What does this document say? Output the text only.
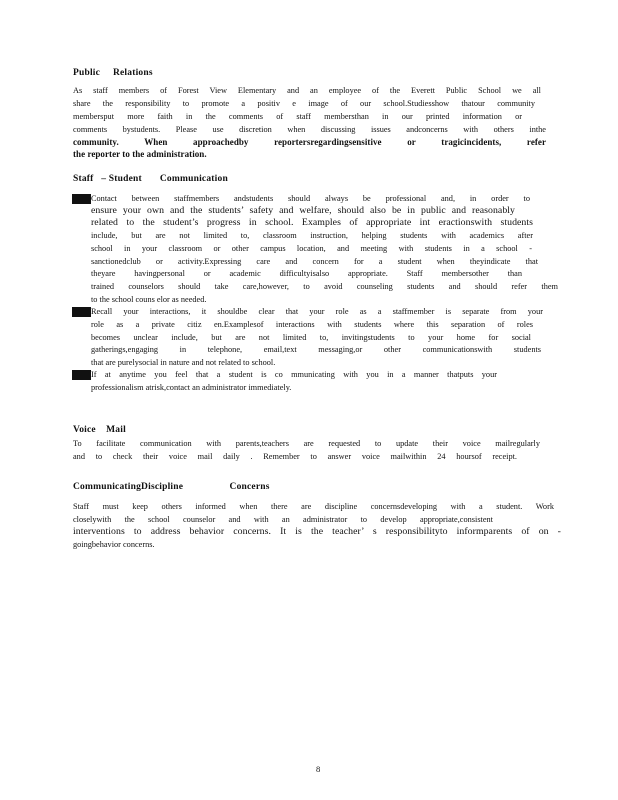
Public     Relations
As staff members of Forest View Elementary and an employee of the Everett Public School we all
share the responsibility to promote a positiv e image of our school.Studiesshow thatour community
membersput more faith in the comments of staff membersthan in our printed information or
comments bystudents. Please use discretion when discussing issues andconcerns with others inthe
community. When approachedby reportersregardingsensitive or tragicincidents, refer
the reporter to the administration.
Staff   – Student       Communication
Contact between staffmembers andstudents should always be professional and, in order to
ensure your own and the students’ safety and welfare, should also be in public and reasonably
related to the student’s progress in school. Examples of appropriate int eractionswith students
include, but are not limited to, classroom instruction, helping students with academics after
school in your classroom or other campus location, and meeting with students in a school -
sanctionedclub or activity.Expressing care and concern for a student when theyindicate that
theyare havingpersonal or academic difficultyisalso appropriate. Staff membersother than
trained counselors should take care,however, to avoid counseling students and should refer them
to the school couns elor as needed.
Recall your interactions, it shouldbe clear that your role as a staffmember is separate from your
role as a private citiz en.Examplesof interactions with students where this separation of roles
becomes unclear include, but are not limited to, invitingstudents to your home for social
gatherings,engaging in telephone, email,text messaging,or other communicationswith students
that are purelysocial in nature and not related to school.
If at anytime you feel that a student is co mmunicating with you in a manner thatputs your
professionalism atrisk,contact an administrator immediately.
Voice    Mail
To facilitate communication with parents,teachers are requested to update their voice mailregularly
and to check their voice mail daily . Remember to answer voice mailwithin 24 hoursof receipt.
CommunicatingDiscipline                  Concerns
Staff must keep others informed when there are discipline concernsdeveloping with a student. Work
closelywith the school counselor and with an administrator to develop appropriate,consistent
interventions to address behavior concerns. It is the teacher’ s responsibilityto informparents of on -
goingbehavior concerns.
8
